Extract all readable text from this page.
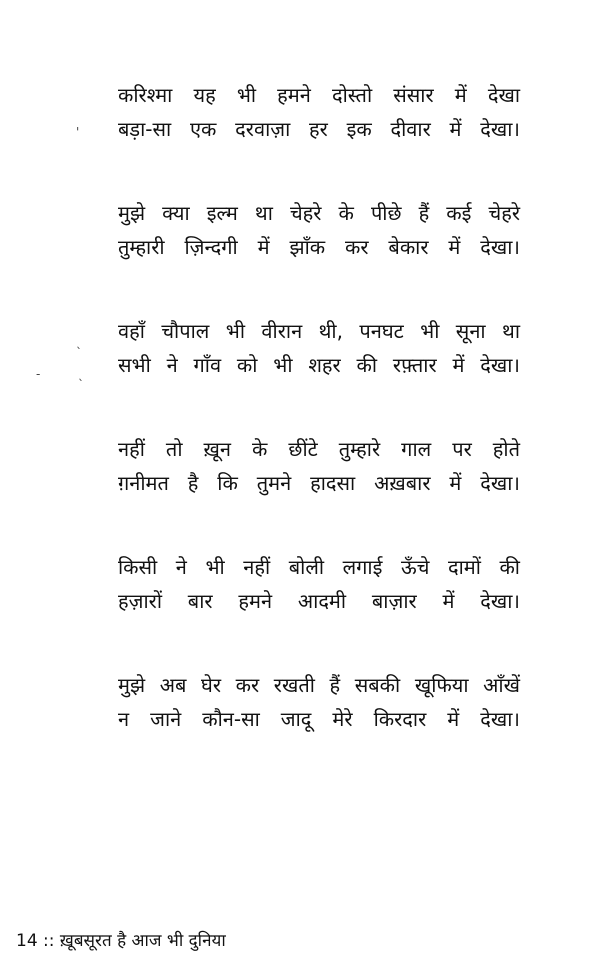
करिश्मा यह भी हमने दोस्तो संसार में देखा
बड़ा-सा एक दरवाज़ा हर इक दीवार में देखा।
मुझे क्या इल्म था चेहरे के पीछे हैं कई चेहरे
तुम्हारी ज़िन्दगी में झाँक कर बेकार में देखा।
वहाँ चौपाल भी वीरान थी, पनघट भी सूना था
सभी ने गाँव को भी शहर की रफ़्तार में देखा।
नहीं तो ख़ून के छींटे तुम्हारे गाल पर होते
ग़नीमत है कि तुमने हादसा अख़बार में देखा।
किसी ने भी नहीं बोली लगाई ऊँचे दामों की
हज़ारों बार हमने आदमी बाज़ार में देखा।
मुझे अब घेर कर रखती हैं सबकी खूफिया आँखें
न जाने कौन-सा जादू मेरे किरदार में देखा।
'
ˎ
-	ˎ
14 :: ख़ूबसूरत है आज भी दुनिया
